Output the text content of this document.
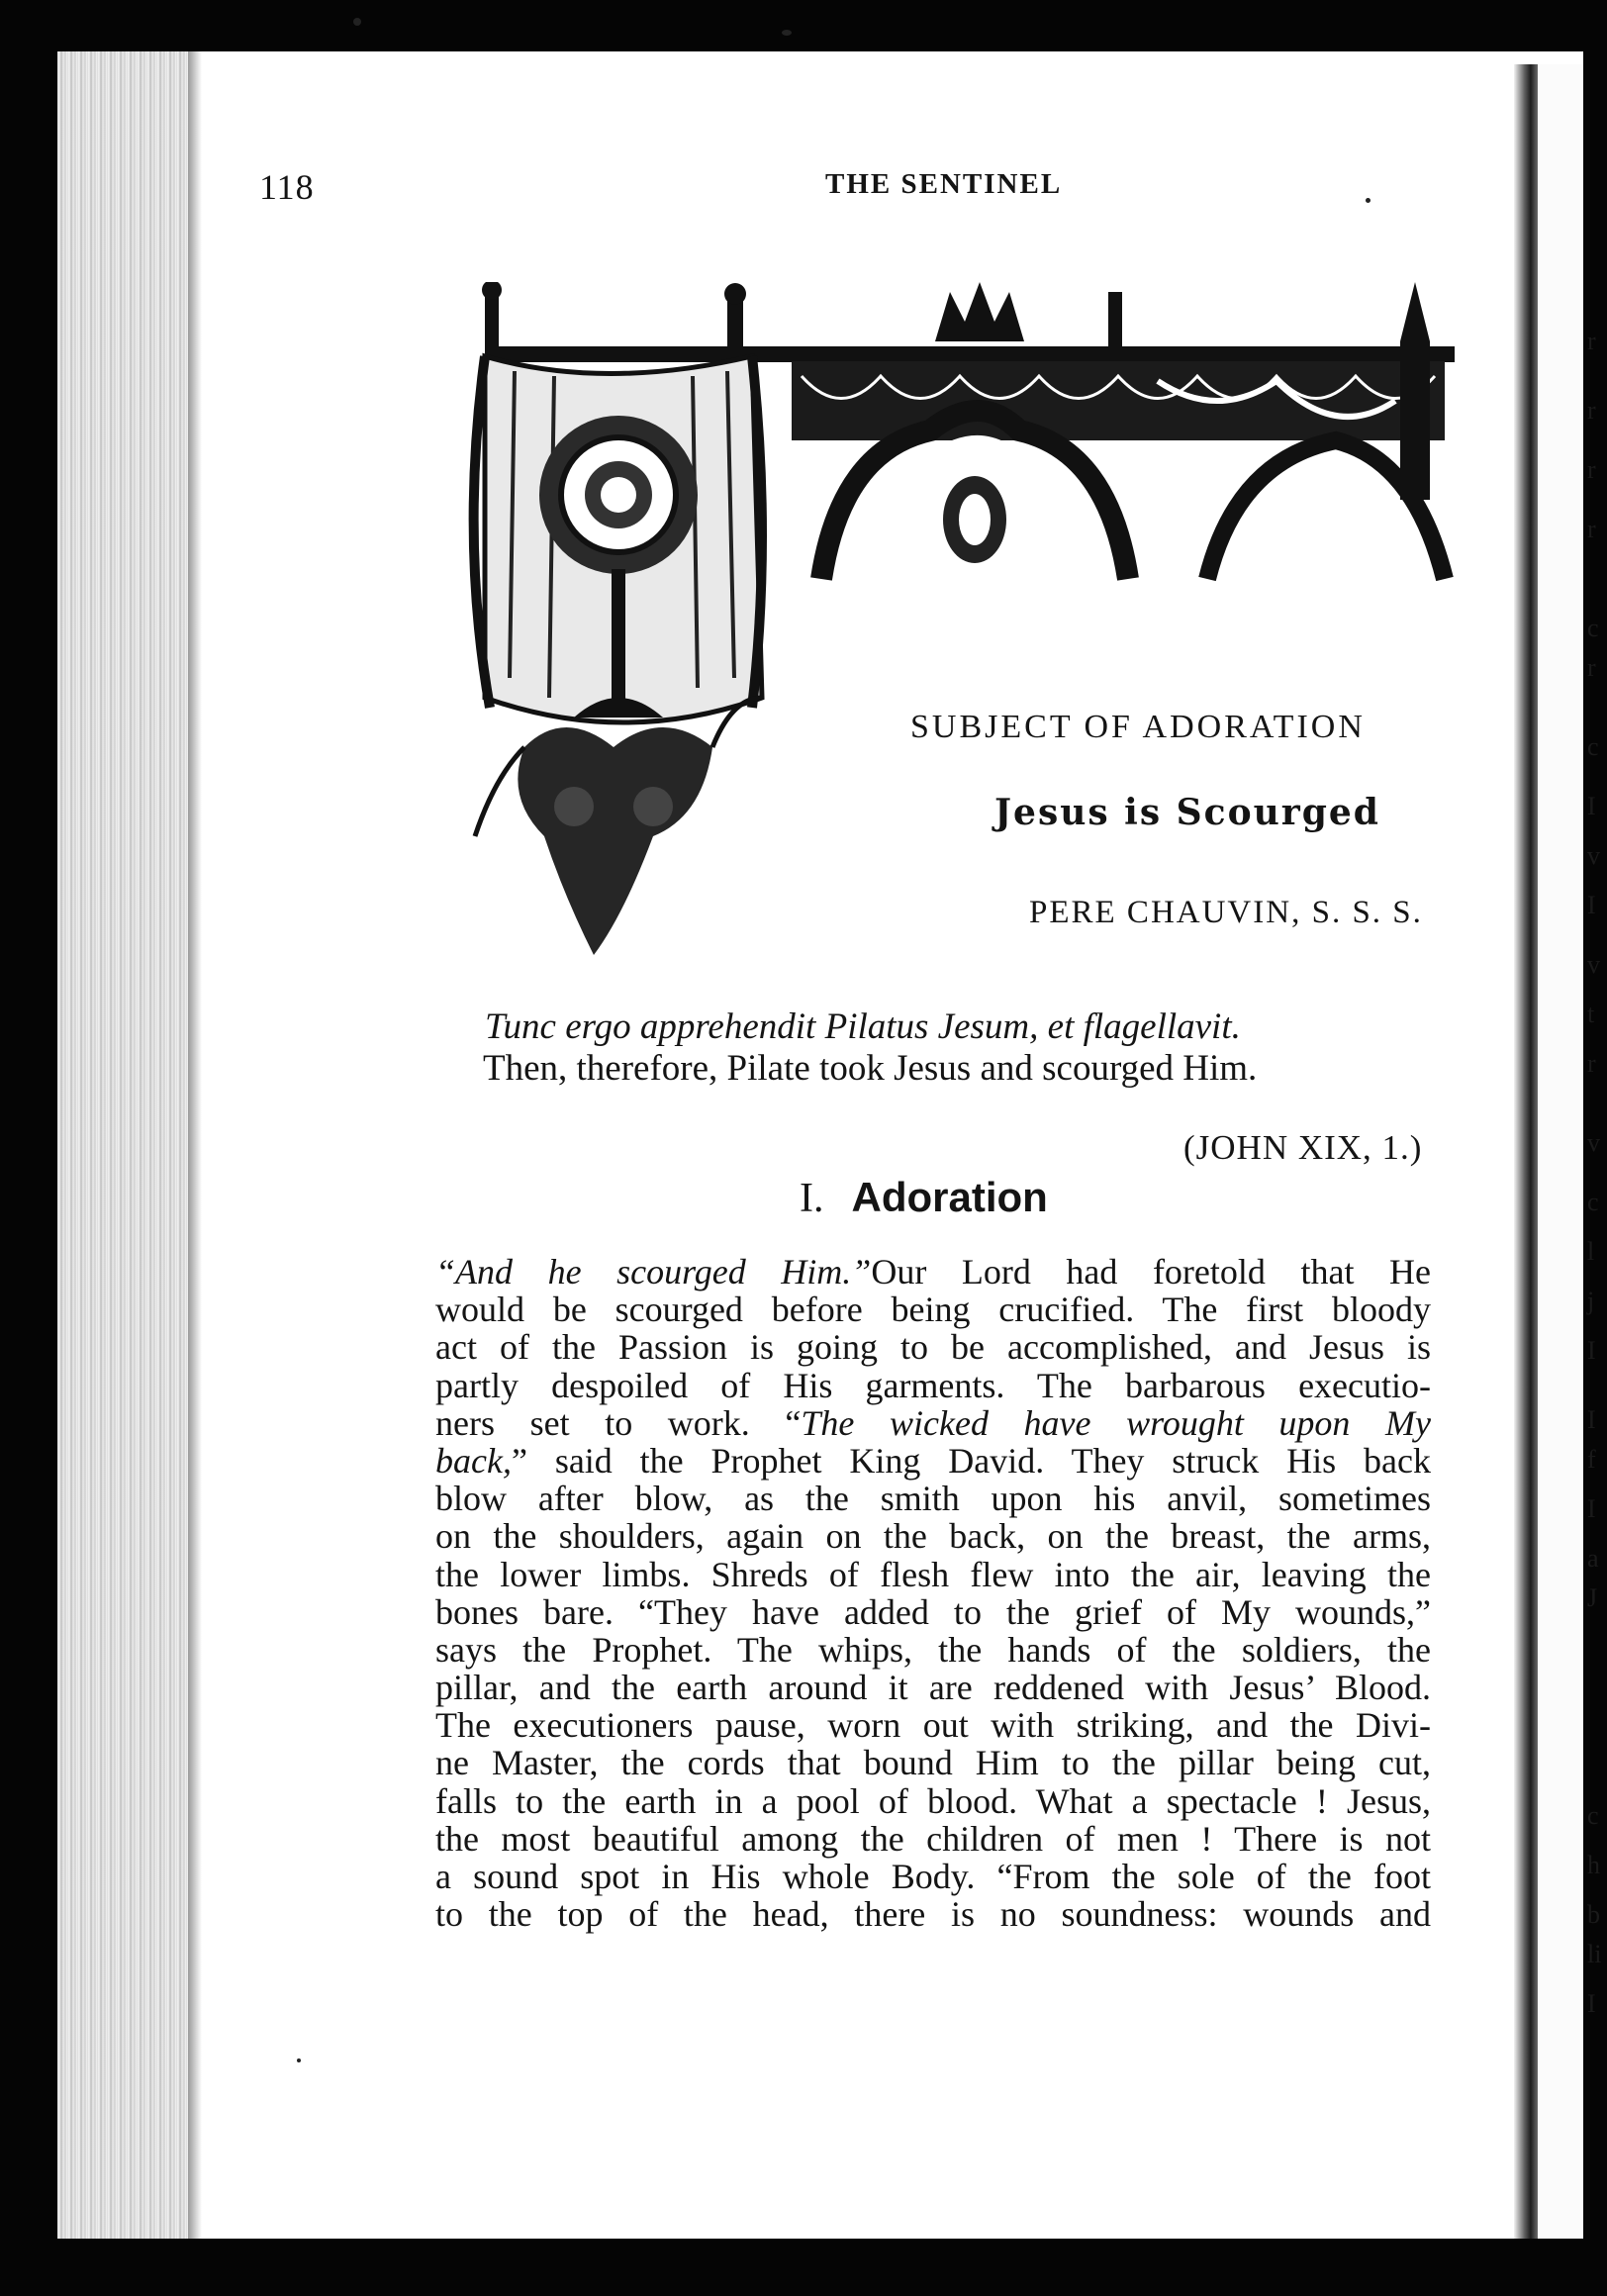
118	THE SENTINEL
SUBJECT OF ADORATION
Jesus is Scourged
PERE CHAUVIN, S. S. S.
Tunc ergo apprehendit Pilatus Jesum, et flagellavit.
Then, therefore, Pilate took Jesus and scourged Him.
(JOHN XIX, 1.)
I. Adoration
“And he scourged Him.”Our Lord had foretold that He
would be scourged before being crucified. The first bloody
act of the Passion is going to be accomplished, and Jesus is
partly despoiled of His garments. The barbarous executio-
ners set to work. “The wicked have wrought upon My
back,” said the Prophet King David. They struck His back
blow after blow, as the smith upon his anvil, sometimes
on the shoulders, again on the back, on the breast, the arms,
the lower limbs. Shreds of flesh flew into the air, leaving the
bones bare. “They have added to the grief of My wounds,”
says the Prophet. The whips, the hands of the soldiers, the
pillar, and the earth around it are reddened with Jesus’ Blood.
The executioners pause, worn out with striking, and the Divi-
ne Master, the cords that bound Him to the pillar being cut,
falls to the earth in a pool of blood. What a spectacle ! Jesus,
the most beautiful among the children of men ! There is not
a sound spot in His whole Body. “From the sole of the foot
to the top of the head, there is no soundness: wounds and
r
r
r
r
c
r
c
I
v
I
v
t
r
v
c
l
j
I
I
f
I
a
J
c
h
b
li
I
